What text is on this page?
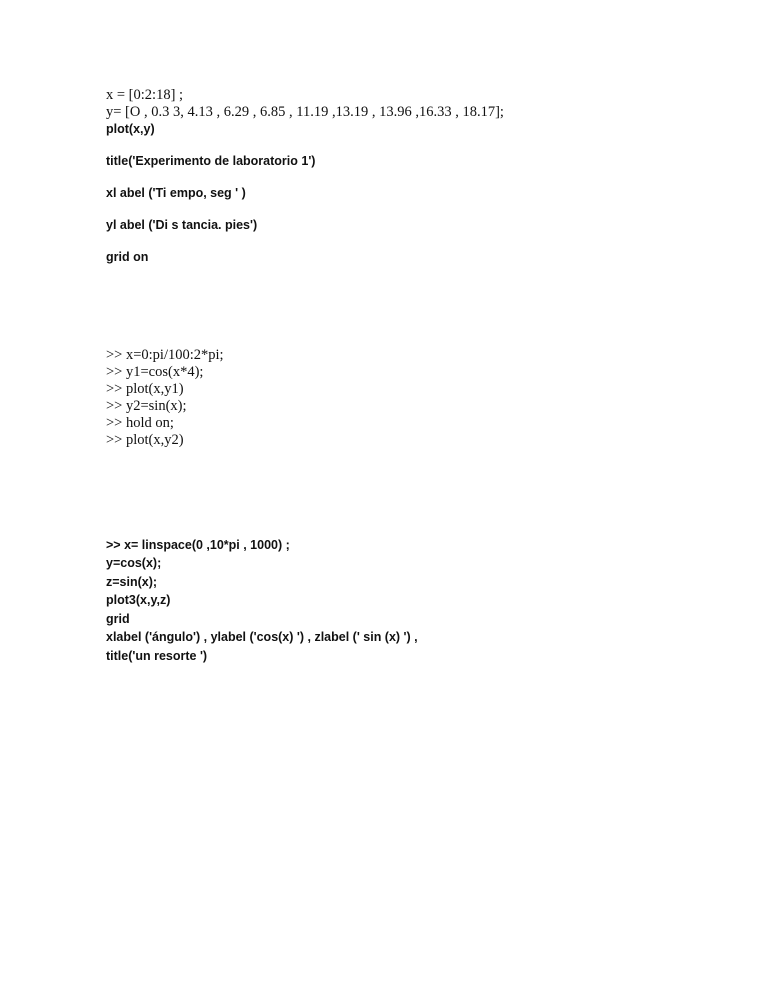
x = [0:2:18] ;
y= [O , 0.3 3, 4.13 , 6.29 , 6.85 , 11.19 ,13.19 , 13.96 ,16.33 , 18.17];
plot(x,y)
title('Experimento de laboratorio 1')
xl abel ('Ti empo, seg ' )
yl abel ('Di s tancia. pies')
grid on
>> x=0:pi/100:2*pi;
>> y1=cos(x*4);
>> plot(x,y1)
>> y2=sin(x);
>> hold on;
>> plot(x,y2)
>> x= linspace(0 ,10*pi , 1000) ;
y=cos(x);
z=sin(x);
plot3(x,y,z)
grid
xlabel ('ángulo') , ylabel ('cos(x) ') , zlabel (' sin (x) ') ,
title('un resorte ')
